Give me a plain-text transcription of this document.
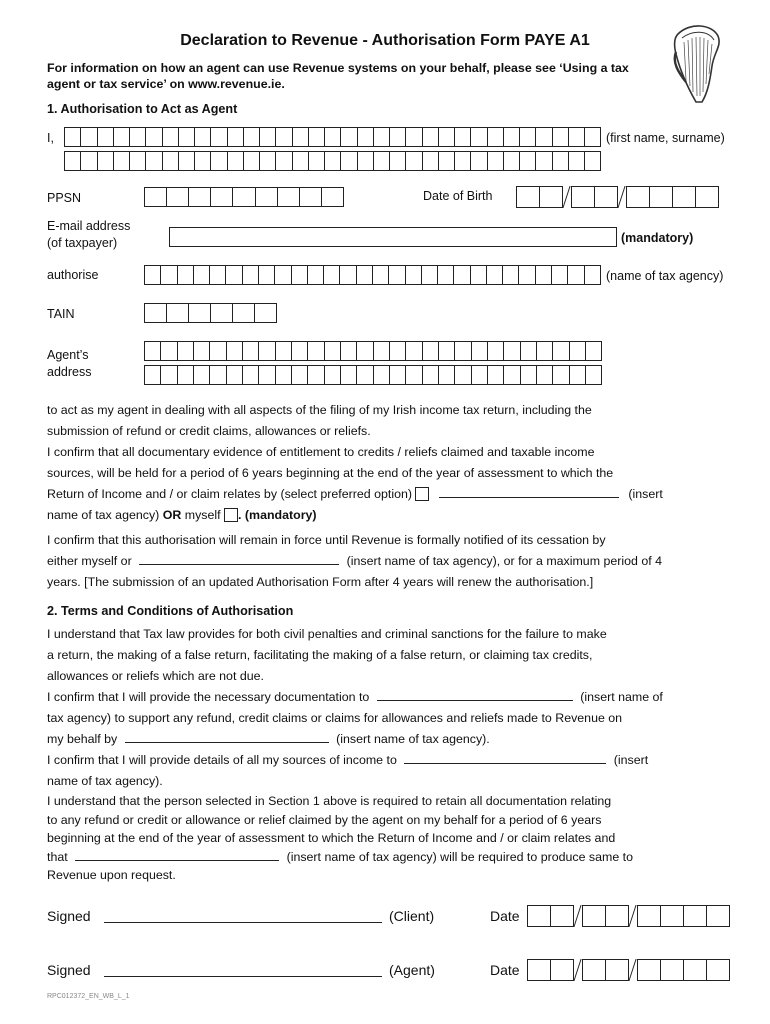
Declaration to Revenue - Authorisation Form PAYE A1
For information on how an agent can use Revenue systems on your behalf, please see ‘Using a tax agent or tax service’ on www.revenue.ie.
1. Authorisation to Act as Agent
I,	(first name, surname)
PPSN	Date of Birth
E-mail address
(of taxpayer)	(mandatory)
authorise	(name of tax agency)
TAIN
Agent’s
address

to act as my agent in dealing with all aspects of the filing of my Irish income tax return, including the

submission of refund or credit claims, allowances or reliefs.

I confirm that all documentary evidence of entitlement to credits / reliefs claimed and taxable income

sources, will be held for a period of 6 years beginning at the end of the year of assessment to which the

Return of Income and / or claim relates by (select preferred option)	(insert

name of tax agency) OR myself . (mandatory)

I confirm that this authorisation will remain in force until Revenue is formally notified of its cessation by

either myself or	(insert name of tax agency), or for a maximum period of 4

years. [The submission of an updated Authorisation Form after 4 years will renew the authorisation.]

2. Terms and Conditions of Authorisation

I understand that Tax law provides for both civil penalties and criminal sanctions for the failure to make

a return, the making of a false return, facilitating the making of a false return, or claiming tax credits,

allowances or reliefs which are not due.

I confirm that I will provide the necessary documentation to	(insert name of

tax agency) to support any refund, credit claims or claims for allowances and reliefs made to Revenue on

my behalf by	(insert name of tax agency).

I confirm that I will provide details of all my sources of income to	(insert

name of tax agency).

I understand that the person selected in Section 1 above is required to retain all documentation relating

to any refund or credit or allowance or relief claimed by the agent on my behalf for a period of 6 years

beginning at the end of the year of assessment to which the Return of Income and / or claim relates and

that	(insert name of tax agency) will be required to produce same to

Revenue upon request.

Signed	(Client)	Date
Signed	(Agent)	Date
RPC012372_EN_WB_L_1
